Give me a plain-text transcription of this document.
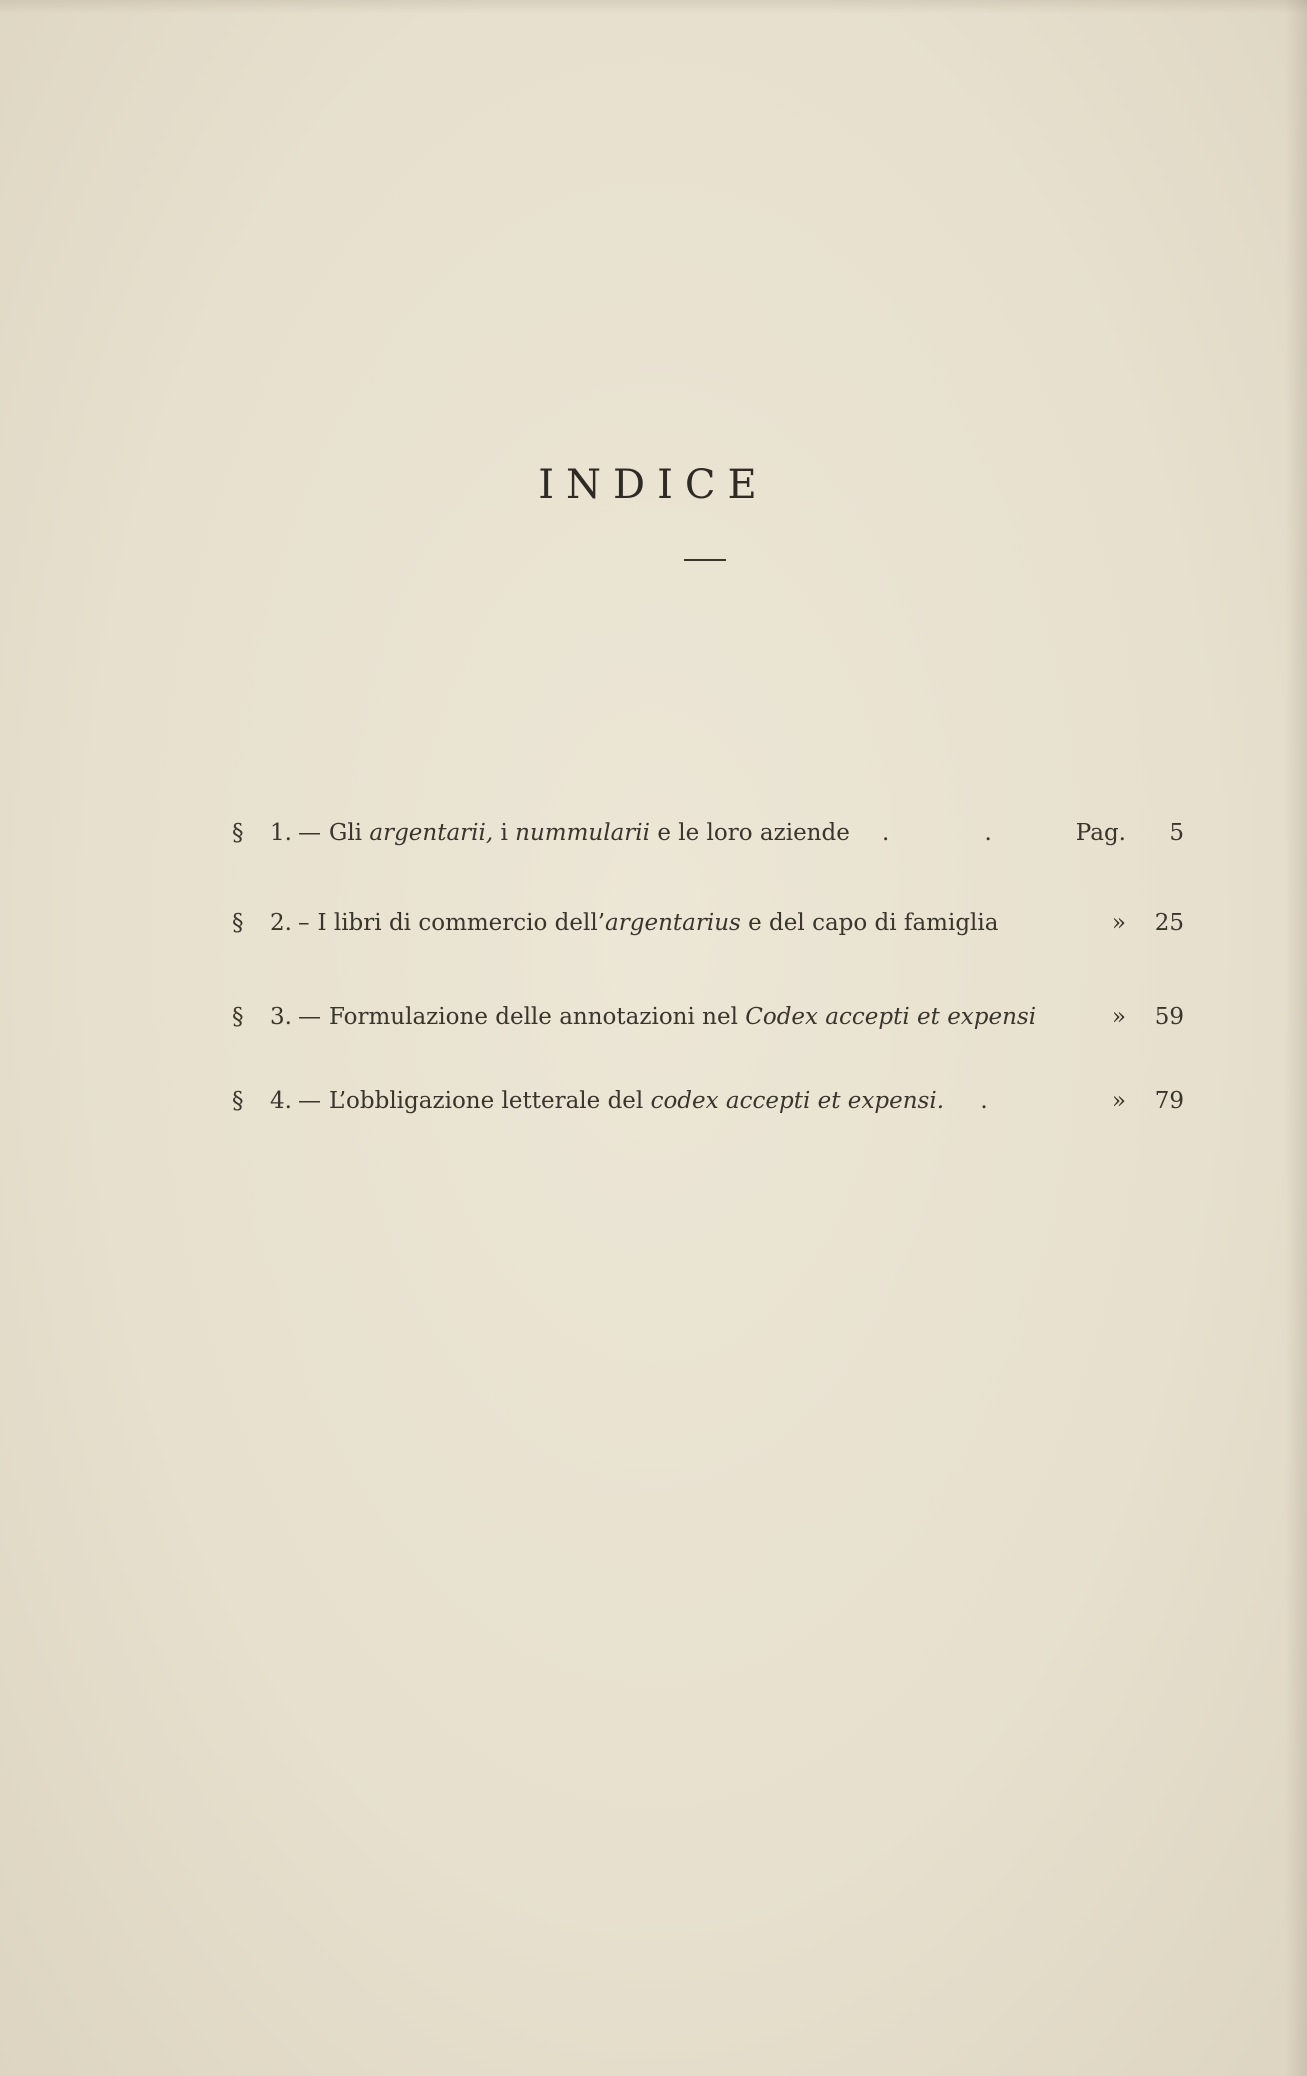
INDICE
§	1. — Gli argentarii, i nummularii e le loro aziende	. .	Pag.	5
§	2. – I libri di commercio dell’argentarius e del capo di famiglia	»	25
§	3. — Formulazione delle annotazioni nel Codex accepti et expensi	»	59
§	4. — L’obbligazione letterale del codex accepti et expensi.	.	»	79
